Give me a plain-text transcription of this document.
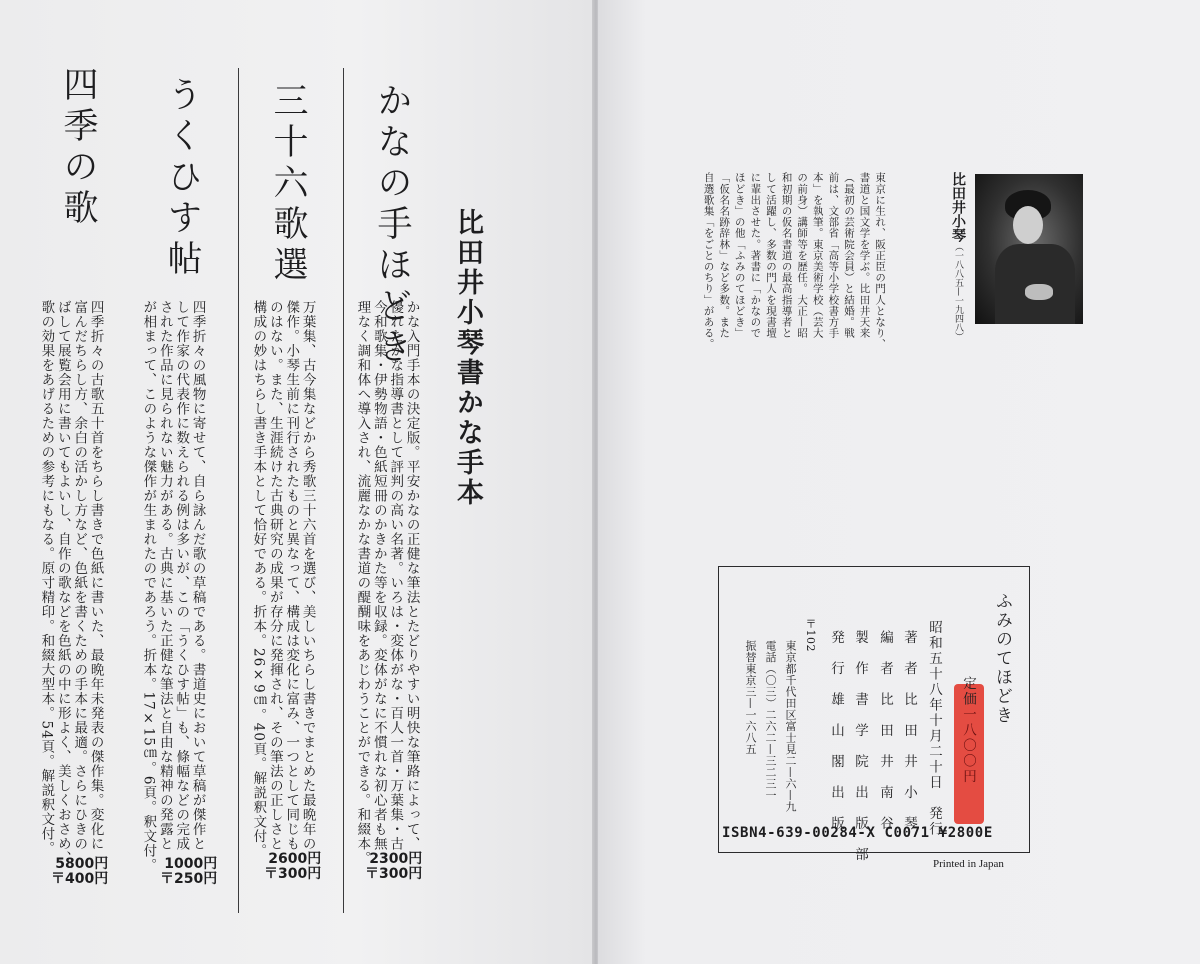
比田井小琴書かな手本
かなの手ほどき
かな入門手本の決定版。平安かなの正健な筆法とたどりやすい明快な筆路によって、
優れたかな指導書として評判の高い名著。いろは・変体がな・百人一首・万葉集・古
今和歌集・伊勢物語・色紙短冊のかきかた等を収録。変体がなに不慣れな初心者も無
理なく調和体へ導入され、流麗なかな書道の醍醐味をあじわうことができる。和綴本。
2300円
〒300円
三十六歌選
万葉集、古今集などから秀歌三十六首を選び、美しいちらし書きでまとめた最晩年の
傑作。小琴生前に刊行されたものと異なって、構成は変化に富み、一つとして同じも
のはない。また、生涯続けた古典研究の成果が存分に発揮され、その筆法の正しさと
構成の妙はちらし書き手本として恰好である。折本。26×9㎝。40頁。解説釈文付。
2600円
〒300円
うくひす帖
四季折々の風物に寄せて、自ら詠んだ歌の草稿である。書道史において草稿が傑作と
して作家の代表作に数えられる例は多いが、この「うくひす帖」も、條幅などの完成
された作品に見られない魅力がある。古典に基いた正健な筆法と自由な精神の発露と
が相まって、このような傑作が生まれたのであろう。折本。17×15㎝。6頁。釈文付。 1000円
〒250円
四季の歌
四季折々の古歌五十首をちらし書きで色紙に書いた、最晩年未発表の傑作集。変化に
富んだちらし方、余白の活かし方など、色紙を書くための手本に最適。さらにひきの
ばして展覧会用に書いてもよいし、自作の歌などを色紙の中に形よく、美しくおさめ、
歌の効果をあげるための参考にもなる。原寸精印。和綴大型本。54頁。解説釈文付。
5800円
〒400円
比田井小琴（一八八五—一九四八）
東京に生れ、阪正臣の門人となり、
書道と国文学を学ぶ。比田井天来
（最初の芸術院会員）と結婚。戦
前は、文部省「高等小学校書方手
本」を執筆。東京美術学校（芸大
の前身）講師等を歴任。大正—昭
和初期の仮名書道の最高指導者と
して活躍し、多数の門人を現書壇
に輩出させた。著書に「かなので
ほどき」の他「ふみのてほどき」
「仮名名跡辞林」など多数。また
自選歌集「をごとのちり」がある。
ふみのてほどき
定価一八〇〇円
昭和五十八年十月二十日　発行
著　者　比　田　井　小　琴
編　者　比　田　井　南　谷
製　作　書　学　院　出　版　部
発　行　雄　山　閣　出　版
〒102
東京都千代田区富士見二—六—九
電話（〇三）二六二—三二三一
振替東京三—一六八五
ISBN4-639-00284-X C0071 ¥2800E
Printed in Japan
